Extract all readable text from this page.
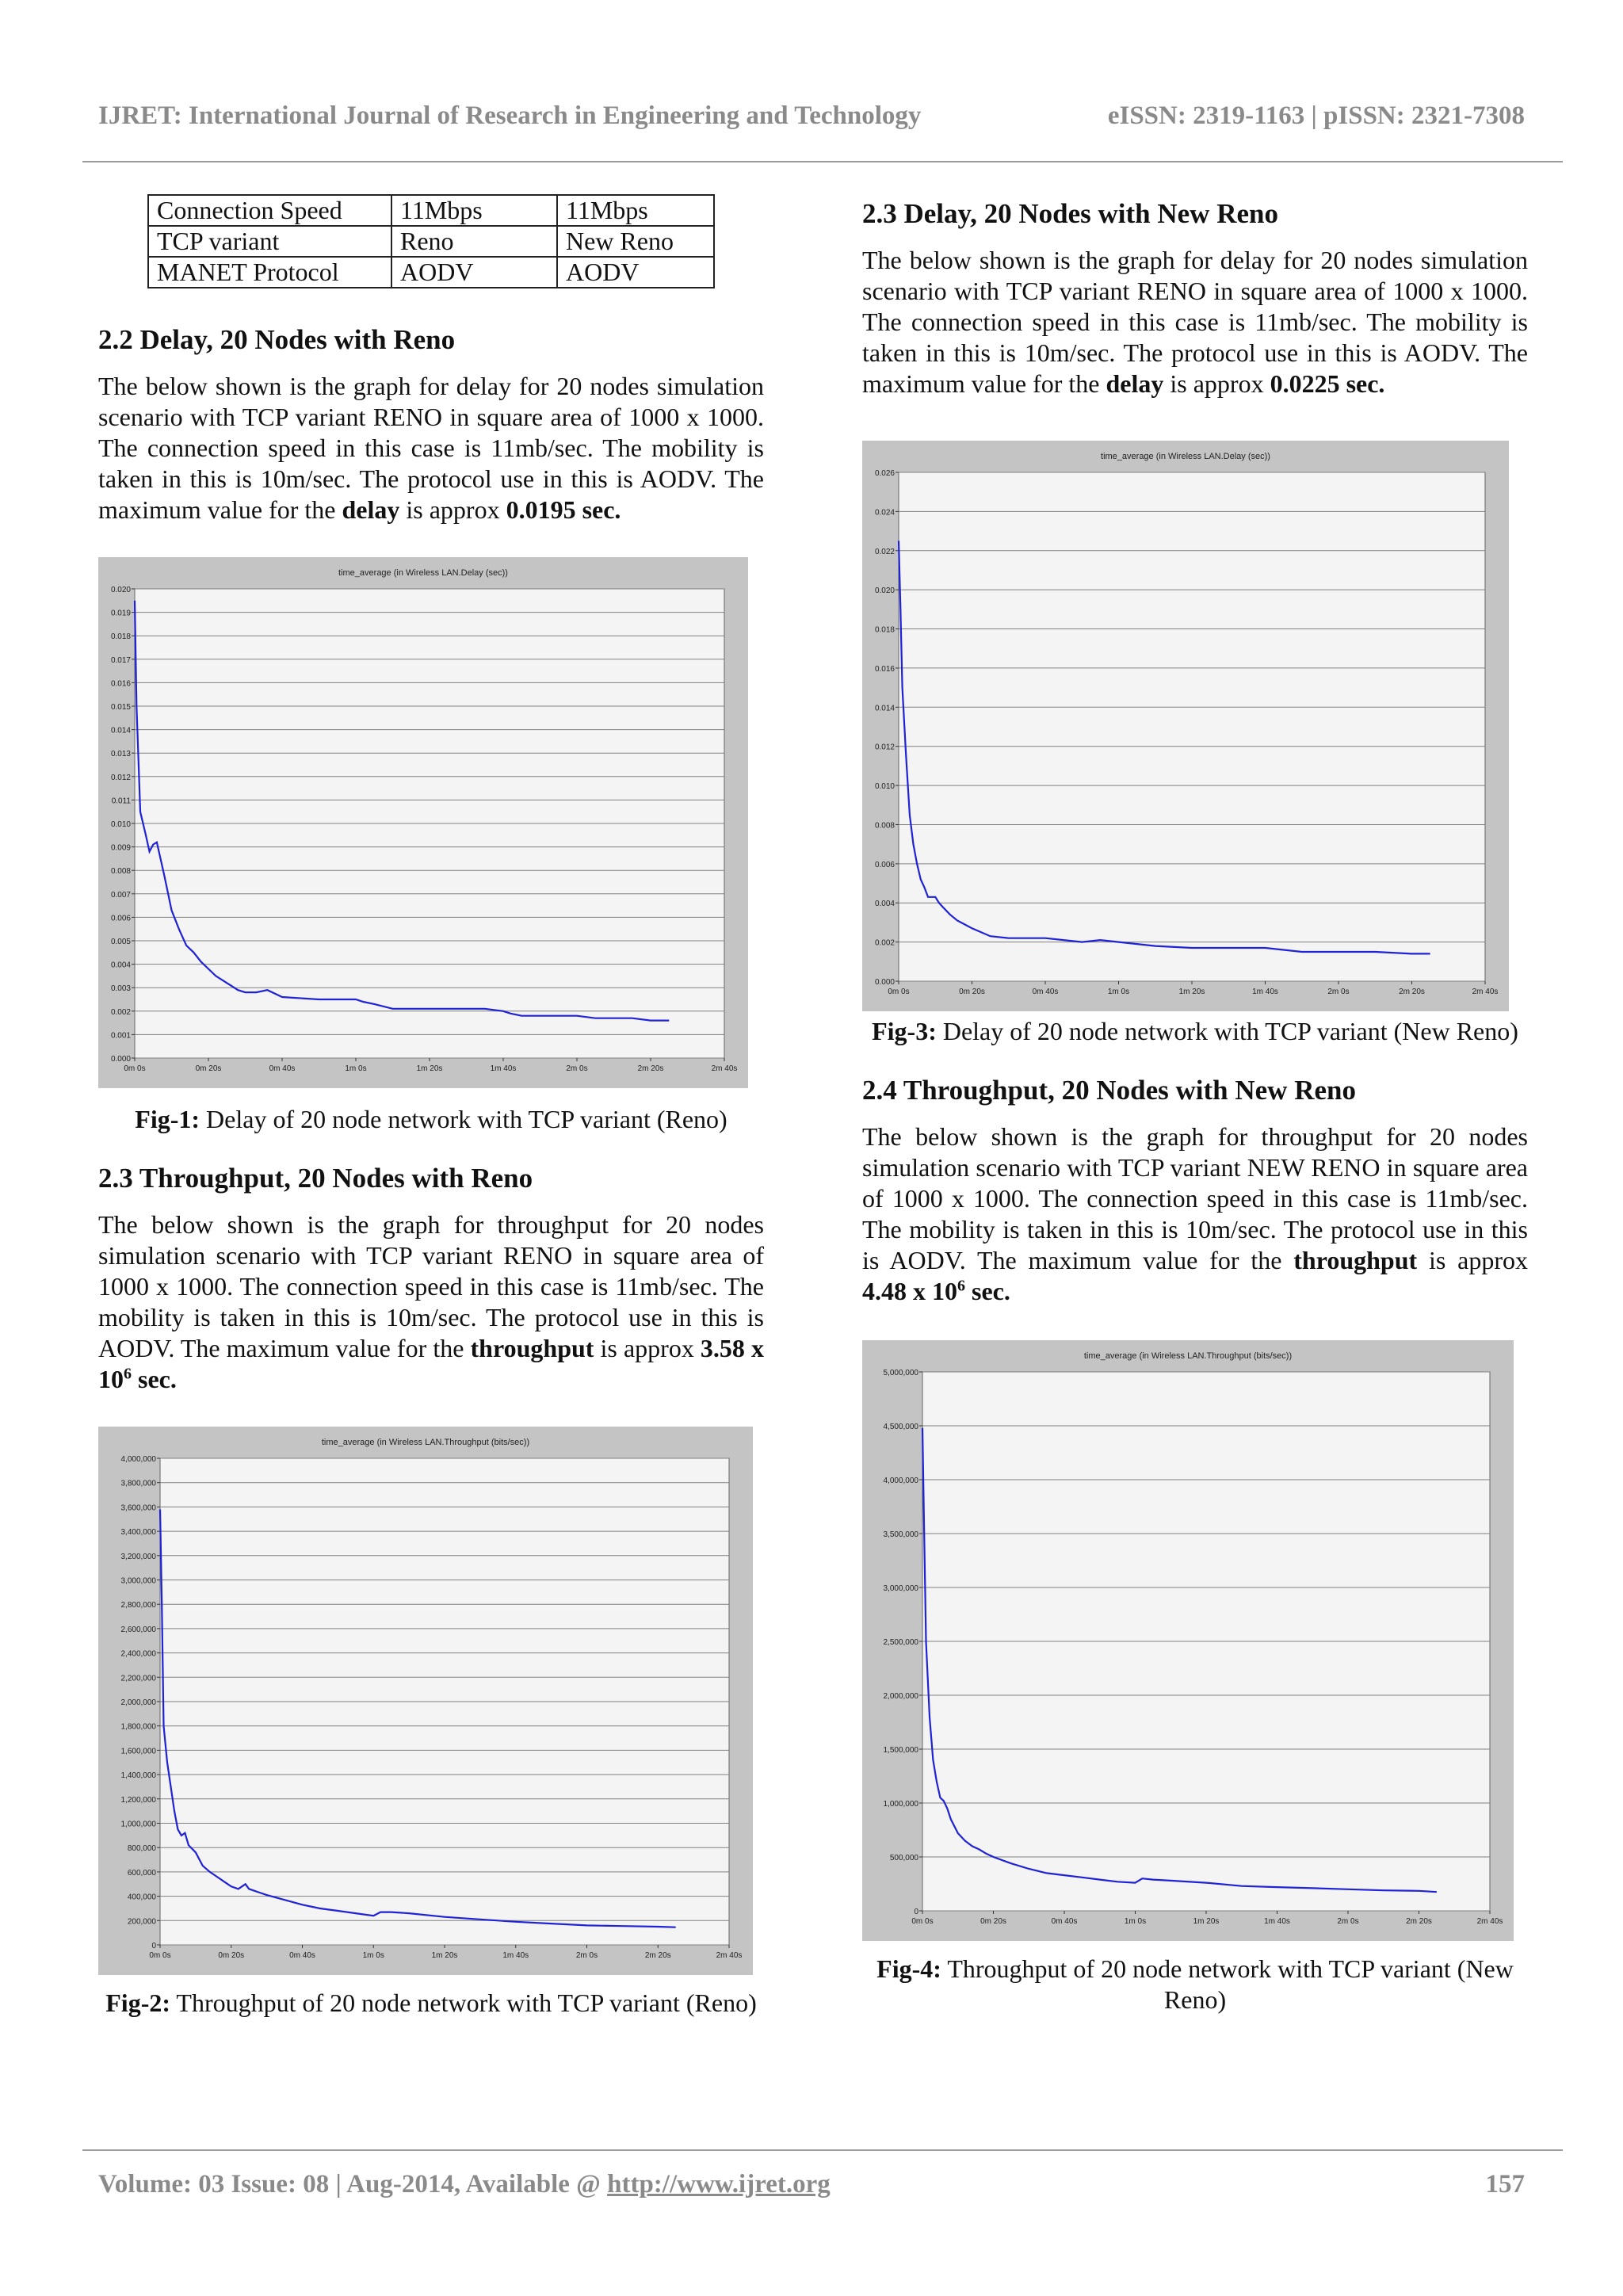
IJRET: International Journal of Research in Engineering and Technology	eISSN: 2319-1163 | pISSN: 2321-7308
Connection Speed	11Mbps	11Mbps
TCP variant	Reno	New Reno
MANET Protocol	AODV	AODV
2.2 Delay, 20 Nodes with Reno

The below shown is the graph for delay for 20 nodes simulation scenario with TCP variant RENO in square area of 1000 x 1000. The connection speed in this case is 11mb/sec. The mobility is taken in this is 10m/sec. The protocol use in this is AODV. The maximum value for the delay is approx 0.0195 sec.

time_average (in Wireless LAN.Delay (sec))
0.000
0.001
0.002
0.003
0.004
0.005
0.006
0.007
0.008
0.009
0.010
0.011
0.012
0.013
0.014
0.015
0.016
0.017
0.018
0.019
0.020
0m 0s	0m 20s	0m 40s	1m 0s	1m 20s	1m 40s	2m 0s	2m 20s	2m 40s
Fig-1: Delay of 20 node network with TCP variant (Reno)
2.3 Throughput, 20 Nodes with Reno

The below shown is the graph for throughput for 20 nodes simulation scenario with TCP variant RENO in square area of 1000 x 1000. The connection speed in this case is 11mb/sec. The mobility is taken in this is 10m/sec. The protocol use in this is AODV. The maximum value for the throughput is approx 3.58 x $10^6$ sec.

time_average (in Wireless LAN.Throughput (bits/sec))
0
200,000
400,000
600,000
800,000
1,000,000
1,200,000
1,400,000
1,600,000
1,800,000
2,000,000
2,200,000
2,400,000
2,600,000
2,800,000
3,000,000
3,200,000
3,400,000
3,600,000
3,800,000
4,000,000
0m 0s	0m 20s	0m 40s	1m 0s	1m 20s	1m 40s	2m 0s	2m 20s	2m 40s
Fig-2: Throughput of 20 node network with TCP variant (Reno)
2.3 Delay, 20 Nodes with New Reno

The below shown is the graph for delay for 20 nodes simulation scenario with TCP variant RENO in square area of 1000 x 1000. The connection speed in this case is 11mb/sec. The mobility is taken in this is 10m/sec. The protocol use in this is AODV. The maximum value for the delay is approx 0.0225 sec.

time_average (in Wireless LAN.Delay (sec))
0.000
0.002
0.004
0.006
0.008
0.010
0.012
0.014
0.016
0.018
0.020
0.022
0.024
0.026
0m 0s	0m 20s	0m 40s	1m 0s	1m 20s	1m 40s	2m 0s	2m 20s	2m 40s
Fig-3: Delay of 20 node network with TCP variant (New Reno)
2.4 Throughput, 20 Nodes with New Reno

The below shown is the graph for throughput for 20 nodes simulation scenario with TCP variant NEW RENO in square area of 1000 x 1000. The connection speed in this case is 11mb/sec. The mobility is taken in this is 10m/sec. The protocol use in this is AODV. The maximum value for the throughput is approx 4.48 x $10^6$ sec.

time_average (in Wireless LAN.Throughput (bits/sec))
0
500,000
1,000,000
1,500,000
2,000,000
2,500,000
3,000,000
3,500,000
4,000,000
4,500,000
5,000,000
0m 0s	0m 20s	0m 40s	1m 0s	1m 20s	1m 40s	2m 0s	2m 20s	2m 40s
Fig-4: Throughput of 20 node network with TCP variant (New Reno)
Volume: 03 Issue: 08 | Aug-2014, Available @ http://www.ijret.org	157
